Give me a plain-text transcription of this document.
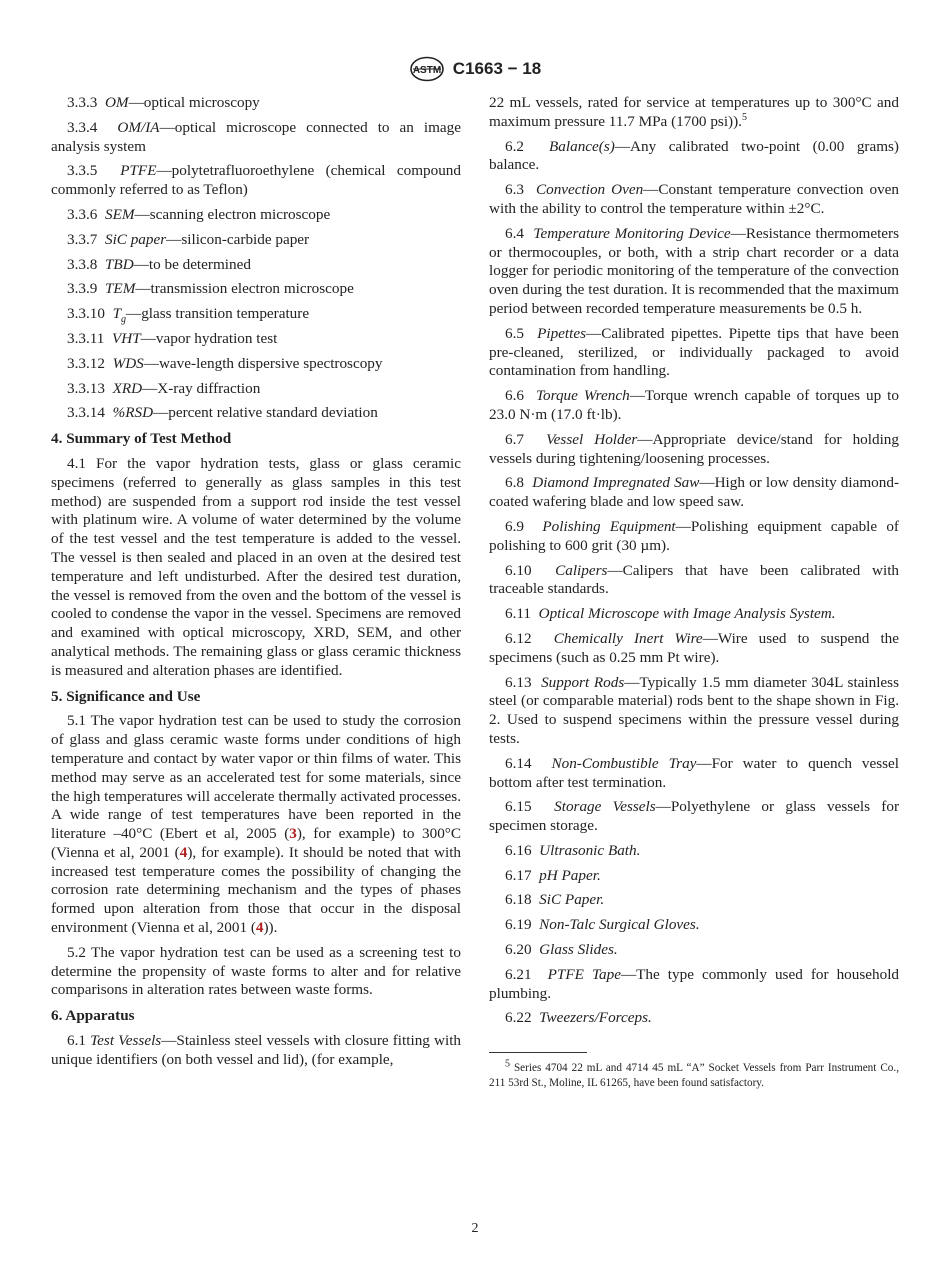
ASTM C1663 − 18

3.3.3 OM—optical microscopy

3.3.4 OM/IA—optical microscope connected to an image analysis system

3.3.5 PTFE—polytetrafluoroethylene (chemical compound commonly referred to as Teflon)

3.3.6 SEM—scanning electron microscope

3.3.7 SiC paper—silicon-carbide paper

3.3.8 TBD—to be determined

3.3.9 TEM—transmission electron microscope

3.3.10 $T_g—glass$ transition temperature

3.3.11 VHT—vapor hydration test

3.3.12 WDS—wave-length dispersive spectroscopy

3.3.13 XRD—X-ray diffraction

3.3.14 %RSD—percent relative standard deviation

4. Summary of Test Method

4.1 For the vapor hydration tests, glass or glass ceramic specimens (referred to generally as glass samples in this test method) are suspended from a support rod inside the test vessel with platinum wire. A volume of water determined by the volume of the test vessel and the test temperature is added to the vessel. The vessel is then sealed and placed in an oven at the desired test temperature and left undisturbed. After the desired test duration, the vessel is removed from the oven and the bottom of the vessel is cooled to condense the vapor in the vessel. Specimens are removed and examined with optical microscopy, XRD, SEM, and other analytical methods. The remaining glass or glass ceramic thickness is measured and alteration phases are identified.

5. Significance and Use

5.1 The vapor hydration test can be used to study the corrosion of glass and glass ceramic waste forms under conditions of high temperature and contact by water vapor or thin films of water. This method may serve as an accelerated test for some materials, since the high temperatures will accelerate thermally activated processes. A wide range of test temperatures have been reported in the literature –40°C (Ebert et al, 2005 (3), for example) to 300°C (Vienna et al, 2001 (4), for example). It should be noted that with increased test temperature comes the possibility of changing the corrosion rate determining mechanism and the types of phases formed upon alteration from those that occur in the disposal environment (Vienna et al, 2001 (4)).

5.2 The vapor hydration test can be used as a screening test to determine the propensity of waste forms to alter and for relative comparisons in alteration rates between waste forms.

6. Apparatus

6.1 Test Vessels—Stainless steel vessels with closure fitting with unique identifiers (on both vessel and lid), (for example,

22 mL vessels, rated for service at temperatures up to 300°C and maximum pressure 11.7 MPa (1700 psi)).$^5$

6.2 Balance(s)—Any calibrated two-point (0.00 grams) balance.

6.3 Convection Oven—Constant temperature convection oven with the ability to control the temperature within ±2°C.

6.4 Temperature Monitoring Device—Resistance thermometers or thermocouples, or both, with a strip chart recorder or a data logger for periodic monitoring of the temperature of the convection oven during the test duration. It is recommended that the maximum period between recorded temperature measurements be 0.5 h.

6.5 Pipettes—Calibrated pipettes. Pipette tips that have been pre-cleaned, sterilized, or individually packaged to avoid contamination from handling.

6.6 Torque Wrench—Torque wrench capable of torques up to 23.0 N·m (17.0 ft·lb).

6.7 Vessel Holder—Appropriate device/stand for holding vessels during tightening/loosening processes.

6.8 Diamond Impregnated Saw—High or low density diamond-coated wafering blade and low speed saw.

6.9 Polishing Equipment—Polishing equipment capable of polishing to 600 grit (30 µm).

6.10 Calipers—Calipers that have been calibrated with traceable standards.

6.11 Optical Microscope with Image Analysis System.

6.12 Chemically Inert Wire—Wire used to suspend the specimens (such as 0.25 mm Pt wire).

6.13 Support Rods—Typically 1.5 mm diameter 304L stainless steel (or comparable material) rods bent to the shape shown in Fig. 2. Used to suspend specimens within the pressure vessel during tests.

6.14 Non-Combustible Tray—For water to quench vessel bottom after test termination.

6.15 Storage Vessels—Polyethylene or glass vessels for specimen storage.

6.16 Ultrasonic Bath.

6.17 pH Paper.

6.18 SiC Paper.

6.19 Non-Talc Surgical Gloves.

6.20 Glass Slides.

6.21 PTFE Tape—The type commonly used for household plumbing.

6.22 Tweezers/Forceps.

$^5$ Series 4704 22 mL and 4714 45 mL “A” Socket Vessels from Parr Instrument Co., 211 53rd St., Moline, IL 61265, have been found satisfactory.

2
